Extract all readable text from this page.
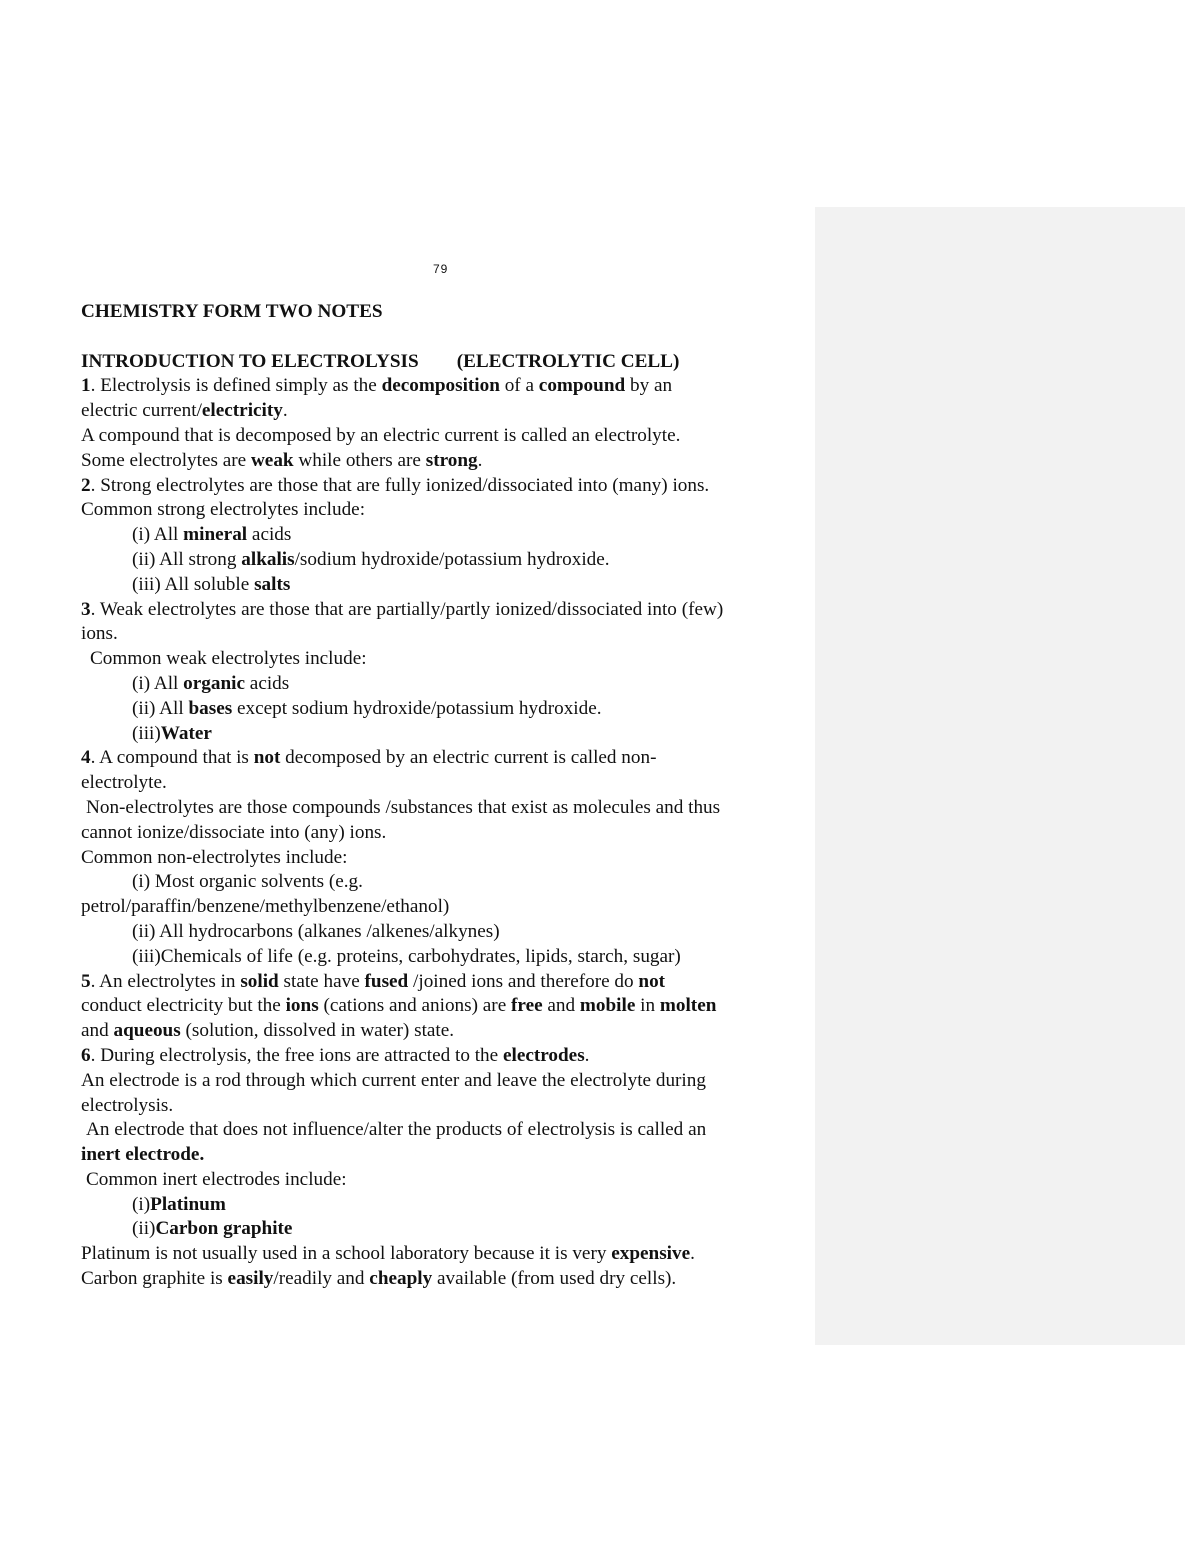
79

CHEMISTRY FORM TWO NOTES

INTRODUCTION TO ELECTROLYSIS (ELECTROLYTIC CELL)

1. Electrolysis is defined simply as the decomposition of a compound by an

electric current/electricity.

A compound that is decomposed by an electric current is called an electrolyte.

Some electrolytes are weak while others are strong.

2. Strong electrolytes are those that are fully ionized/dissociated into (many) ions.

Common strong electrolytes include:

(i) All mineral acids

(ii) All strong alkalis/sodium hydroxide/potassium hydroxide.

(iii) All soluble salts

3. Weak electrolytes are those that are partially/partly ionized/dissociated into (few)

ions.

Common weak electrolytes include:

(i) All organic acids

(ii) All bases except sodium hydroxide/potassium hydroxide.

(iii)Water

4. A compound that is not decomposed by an electric current is called non-

electrolyte.

Non-electrolytes are those compounds /substances that exist as molecules and thus

cannot ionize/dissociate into (any) ions.

Common non-electrolytes include:

(i) Most organic solvents (e.g.

petrol/paraffin/benzene/methylbenzene/ethanol)

(ii) All hydrocarbons (alkanes /alkenes/alkynes)

(iii)Chemicals of life (e.g. proteins, carbohydrates, lipids, starch, sugar)

5. An electrolytes in solid state have fused /joined ions and therefore do not

conduct electricity but the ions (cations and anions) are free and mobile in molten

and aqueous (solution, dissolved in water) state.

6. During electrolysis, the free ions are attracted to the electrodes.

An electrode is a rod through which current enter and leave the electrolyte during

electrolysis.

An electrode that does not influence/alter the products of electrolysis is called an

inert electrode.

Common inert electrodes include:

(i)Platinum

(ii)Carbon graphite

Platinum is not usually used in a school laboratory because it is very expensive.

Carbon graphite is easily/readily and cheaply available (from used dry cells).
